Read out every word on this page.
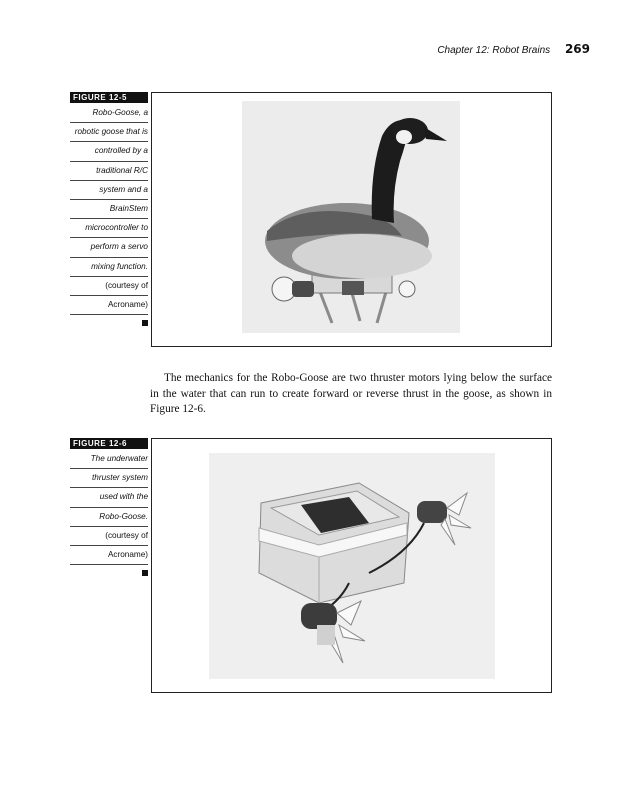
Chapter 12: Robot Brains 269
FIGURE 12-5
Robo-Goose, a
robotic goose that is
controlled by a
traditional R/C
system and a
BrainStem
microcontroller to
perform a servo
mixing function.
(courtesy of
Acroname)

The mechanics for the Robo-Goose are two thruster motors lying below the surface in the water that can run to create forward or reverse thrust in the goose, as shown in Figure 12-6.

FIGURE 12-6
The underwater
thruster system
used with the
Robo-Goose.
(courtesy of
Acroname)
